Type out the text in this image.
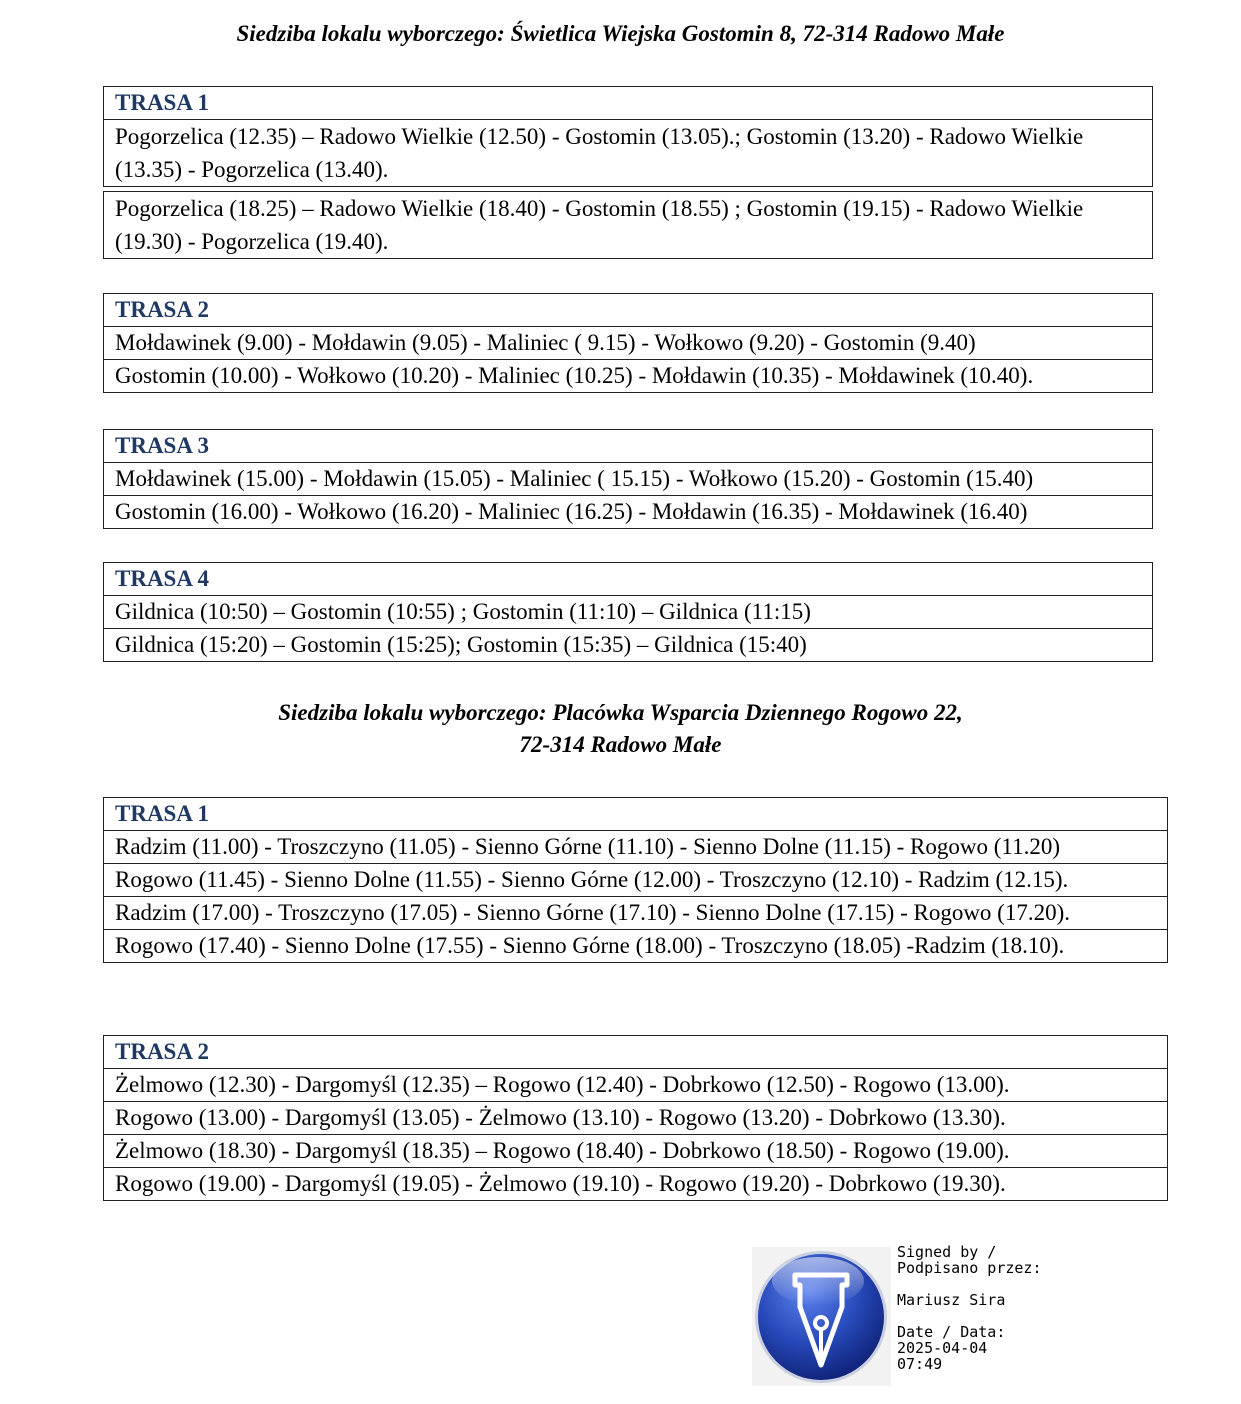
Siedziba lokalu wyborczego: Świetlica Wiejska Gostomin 8, 72-314 Radowo Małe
TRASA 1
Pogorzelica (12.35) – Radowo Wielkie (12.50) - Gostomin (13.05).; Gostomin (13.20) - Radowo Wielkie (13.35) - Pogorzelica (13.40).
Pogorzelica (18.25) – Radowo Wielkie (18.40) - Gostomin (18.55) ; Gostomin (19.15) - Radowo Wielkie (19.30) - Pogorzelica (19.40).
TRASA 2
Mołdawinek (9.00) - Mołdawin (9.05) - Maliniec ( 9.15) - Wołkowo (9.20) - Gostomin (9.40)
Gostomin (10.00) - Wołkowo (10.20) - Maliniec (10.25) - Mołdawin (10.35) - Mołdawinek (10.40).
TRASA 3
Mołdawinek (15.00) - Mołdawin (15.05) - Maliniec ( 15.15) - Wołkowo (15.20) - Gostomin (15.40)
Gostomin (16.00) - Wołkowo (16.20) - Maliniec (16.25) - Mołdawin (16.35) - Mołdawinek (16.40)
TRASA 4
Gildnica (10:50) – Gostomin (10:55) ; Gostomin (11:10) – Gildnica (11:15)
Gildnica (15:20) – Gostomin (15:25); Gostomin (15:35) – Gildnica (15:40)
Siedziba lokalu wyborczego: Placówka Wsparcia Dziennego Rogowo 22,
72-314 Radowo Małe
TRASA 1
Radzim (11.00) - Troszczyno (11.05) - Sienno Górne (11.10) - Sienno Dolne (11.15) - Rogowo (11.20)
Rogowo (11.45) - Sienno Dolne (11.55) - Sienno Górne (12.00) - Troszczyno (12.10) - Radzim (12.15).
Radzim (17.00) - Troszczyno (17.05) - Sienno Górne (17.10) - Sienno Dolne (17.15) - Rogowo (17.20).
Rogowo (17.40) - Sienno Dolne (17.55) - Sienno Górne (18.00) - Troszczyno (18.05) -Radzim (18.10).
TRASA 2
Żelmowo (12.30) - Dargomyśl (12.35) – Rogowo (12.40) - Dobrkowo (12.50) - Rogowo (13.00).
Rogowo (13.00) - Dargomyśl (13.05) - Żelmowo (13.10) - Rogowo (13.20) - Dobrkowo (13.30).
Żelmowo (18.30) - Dargomyśl (18.35) – Rogowo (18.40) - Dobrkowo (18.50) - Rogowo (19.00).
Rogowo (19.00) - Dargomyśl (19.05) - Żelmowo (19.10) - Rogowo (19.20) - Dobrkowo (19.30).
Signed by /
Podpisano przez:
Mariusz Sira
Date / Data:
2025-04-04
07:49
